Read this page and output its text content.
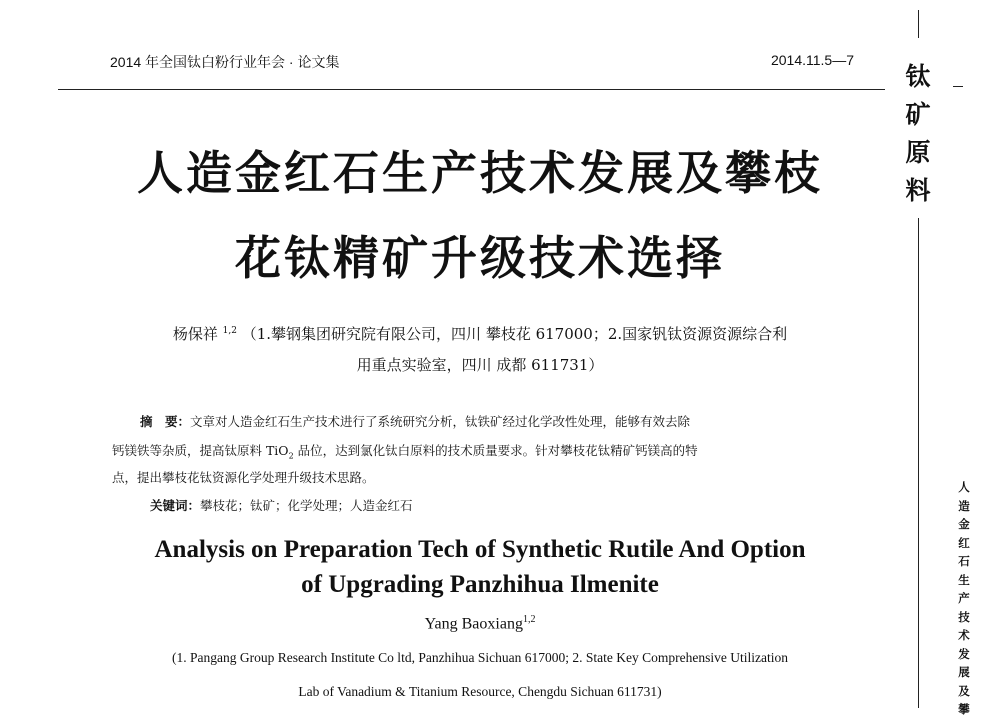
2014 年全国钛白粉行业年会 · 论文集	2014.11.5—7
钛
矿
原
料
人
造
金
红
石
生
产
技
术
发
展
及
攀
人造金红石生产技术发展及攀枝
花钛精矿升级技术选择
杨保祥 $^{1,2}$ （1.攀钢集团研究院有限公司，四川 攀枝花 617000；2.国家钒钛资源资源综合利
用重点实验室，四川 成都 611731）
摘　要：文章对人造金红石生产技术进行了系统研究分析，钛铁矿经过化学改性处理，能够有效去除
钙镁铁等杂质，提高钛原料 TiO$_2$ 品位，达到氯化钛白原料的技术质量要求。针对攀枝花钛精矿钙镁高的特
点，提出攀枝花钛资源化学处理升级技术思路。
关键词：攀枝花；钛矿；化学处理；人造金红石
Analysis on Preparation Tech of Synthetic Rutile And Option
of Upgrading Panzhihua Ilmenite
Yang Baoxiang$^{1,2}$
(1. Pangang Group Research Institute Co ltd, Panzhihua Sichuan 617000; 2. State Key Comprehensive Utilization
Lab of Vanadium & Titanium Resource, Chengdu Sichuan 611731)
